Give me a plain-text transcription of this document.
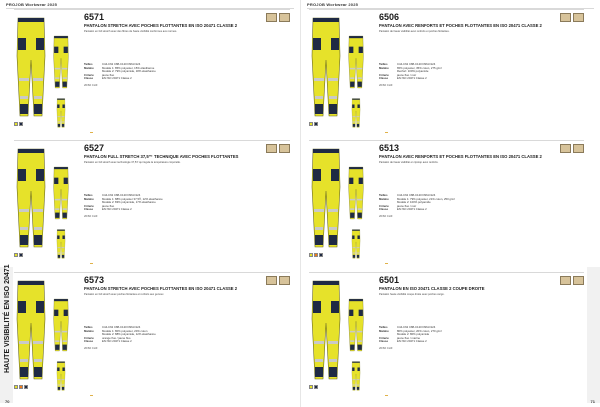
PROJOB Workwear 2025
HAUTE VISIBILITÉ EN ISO 20471
70
6571
PANTALON STRETCH AVEC POCHES FLOTTANTES EN ISO 20471 CLASSE 2
Pantalon en full stretch avec des fibres de haute visibilité conformes aux normes.
Tailles	C44-C62 C88-C120 D96-D124
Matière	Modèle 1: 85% polyester, 15% élasthanne
Modèle 2: 79% polyamide, 18% élasthanne
Criterie	jaune fluo
Classe	EN ISO 20471 Classe 2
20/60 CHF
6527
PANTALON FULL STRETCH 37,5™ TECHNIQUE AVEC POCHES FLOTTANTES
Pantalon en full stretch avec technologie 37,5® qui régule la température corporelle.
Tailles	C44-C62 C88-C120 D96-D124
Matière	Modèle 1: 88% polyester 37,5®, 12% élasthanne
Modèle 2: 83% polyamide, 17% élasthanne
Criterie	jaune fluo
Classe	EN ISO 20471 Classe 2
20/60 CHF
6573
PANTALON STRETCH AVEC POCHES FLOTTANTES EN ISO 20471 CLASSE 2
Pantalon en full stretch avec poches flottantes et renforts aux genoux.
Tailles	C44-C62 C88-C120 D96-D124
Matière	Modèle 1: 80% polyester, 20% coton
Modèle 2: 88% polyamide, 12% élasthanne
Criterie	orange fluo / jaune fluo
Classe	EN ISO 20471 Classe 2
20/60 CHF
PROJOB Workwear 2025
71
6506
PANTALON AVEC RENFORTS ET POCHES FLOTTANTES EN ISO 20471 CLASSE 2
Pantalon de haute visibilité avec renforts et poches flottantes.
Tailles	C44-C62 C88-C120 D96-D124
Matière	65% polyester, 35% coton, 275 g/m²
Renfort: 100% polyamide
Criterie	jaune fluo / noir
Classe	EN ISO 20471 Classe 2
20/60 CHF
6513
PANTALON AVEC RENFORTS ET POCHES FLOTTANTES EN ISO 20471 CLASSE 2
Pantalon de haute visibilité en ripstop avec renforts.
Tailles	C44-C62 C88-C120 D96-D124
Matière	Modèle 1: 79% polyester, 21% coton, 250 g/m²
Modèle 2: 100% polyamide
Criterie	jaune fluo / noir
Classe	EN ISO 20471 Classe 2
20/60 CHF
6501
PANTALON EN ISO 20471 CLASSE 2 COUPE DROITE
Pantalon haute visibilité coupe droite avec poches cargo.
Tailles	C44-C62 C88-C120 D96-D124
Matière	80% polyester, 20% coton, 270 g/m²
Modèle 2: 80% polyamide
Criterie	jaune fluo / marine
Classe	EN ISO 20471 Classe 2
20/60 CHF
